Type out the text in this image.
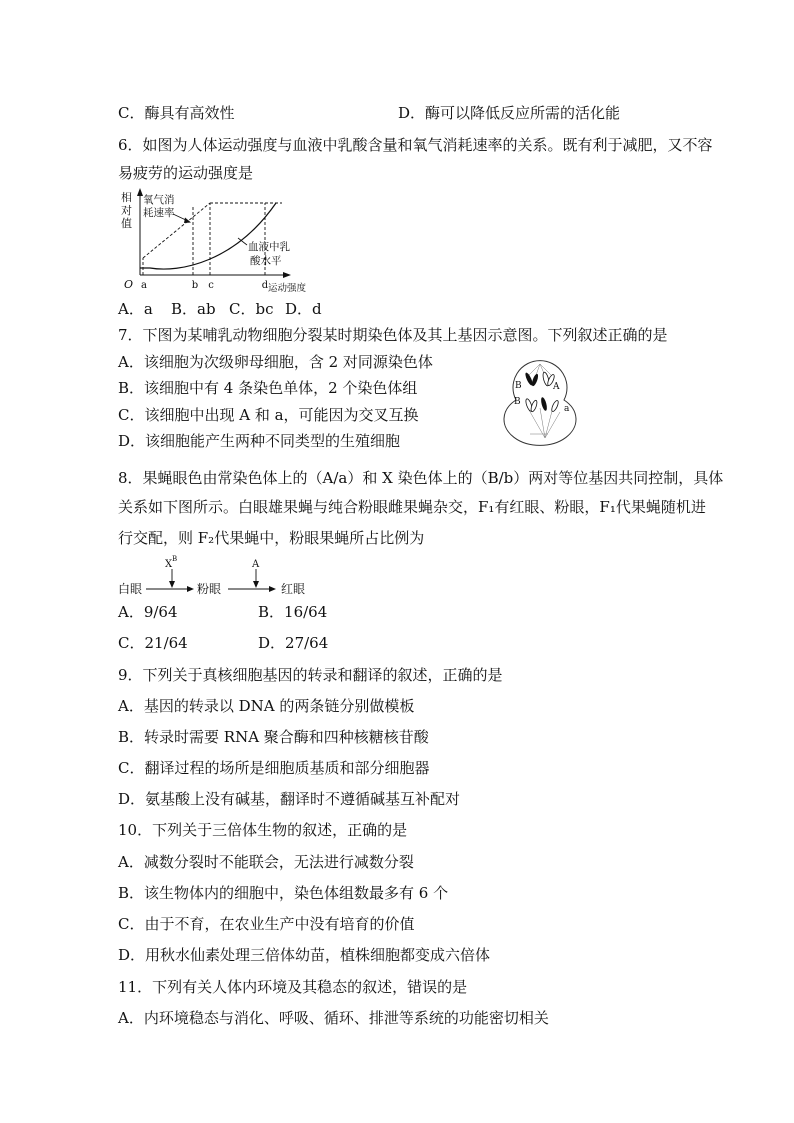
C．酶具有高效性	D．酶可以降低反应所需的活化能
6．如图为人体运动强度与血液中乳酸含量和氧气消耗速率的关系。既有利于减肥，又不容
易疲劳的运动强度是
相
对
值
O a	b c	d 运动强度
氧气消
耗速率
血液中乳
酸水平
A．a B．ab C．bc D．d
7．下图为某哺乳动物细胞分裂某时期染色体及其上基因示意图。下列叙述正确的是
A．该细胞为次级卵母细胞，含 2 对同源染色体
B．该细胞中有 4 条染色单体，2 个染色体组
C．该细胞中出现 A 和 a，可能因为交叉互换
D．该细胞能产生两种不同类型的生殖细胞
B	A
B
a
8．果蝇眼色由常染色体上的（A/a）和 X 染色体上的（B/b）两对等位基因共同控制，具体
关系如下图所示。白眼雄果蝇与纯合粉眼雌果蝇杂交，F₁有红眼、粉眼，F₁代果蝇随机进
行交配，则 F₂代果蝇中，粉眼果蝇所占比例为
X B	A
白眼	粉眼	红眼
A．9/64	B．16/64
C．21/64	D．27/64
9．下列关于真核细胞基因的转录和翻译的叙述，正确的是
A．基因的转录以 DNA 的两条链分别做模板
B．转录时需要 RNA 聚合酶和四种核糖核苷酸
C．翻译过程的场所是细胞质基质和部分细胞器
D．氨基酸上没有碱基，翻译时不遵循碱基互补配对
10．下列关于三倍体生物的叙述，正确的是
A．减数分裂时不能联会，无法进行减数分裂
B．该生物体内的细胞中，染色体组数最多有 6 个
C．由于不育，在农业生产中没有培育的价值
D．用秋水仙素处理三倍体幼苗，植株细胞都变成六倍体
11．下列有关人体内环境及其稳态的叙述，错误的是
A．内环境稳态与消化、呼吸、循环、排泄等系统的功能密切相关
